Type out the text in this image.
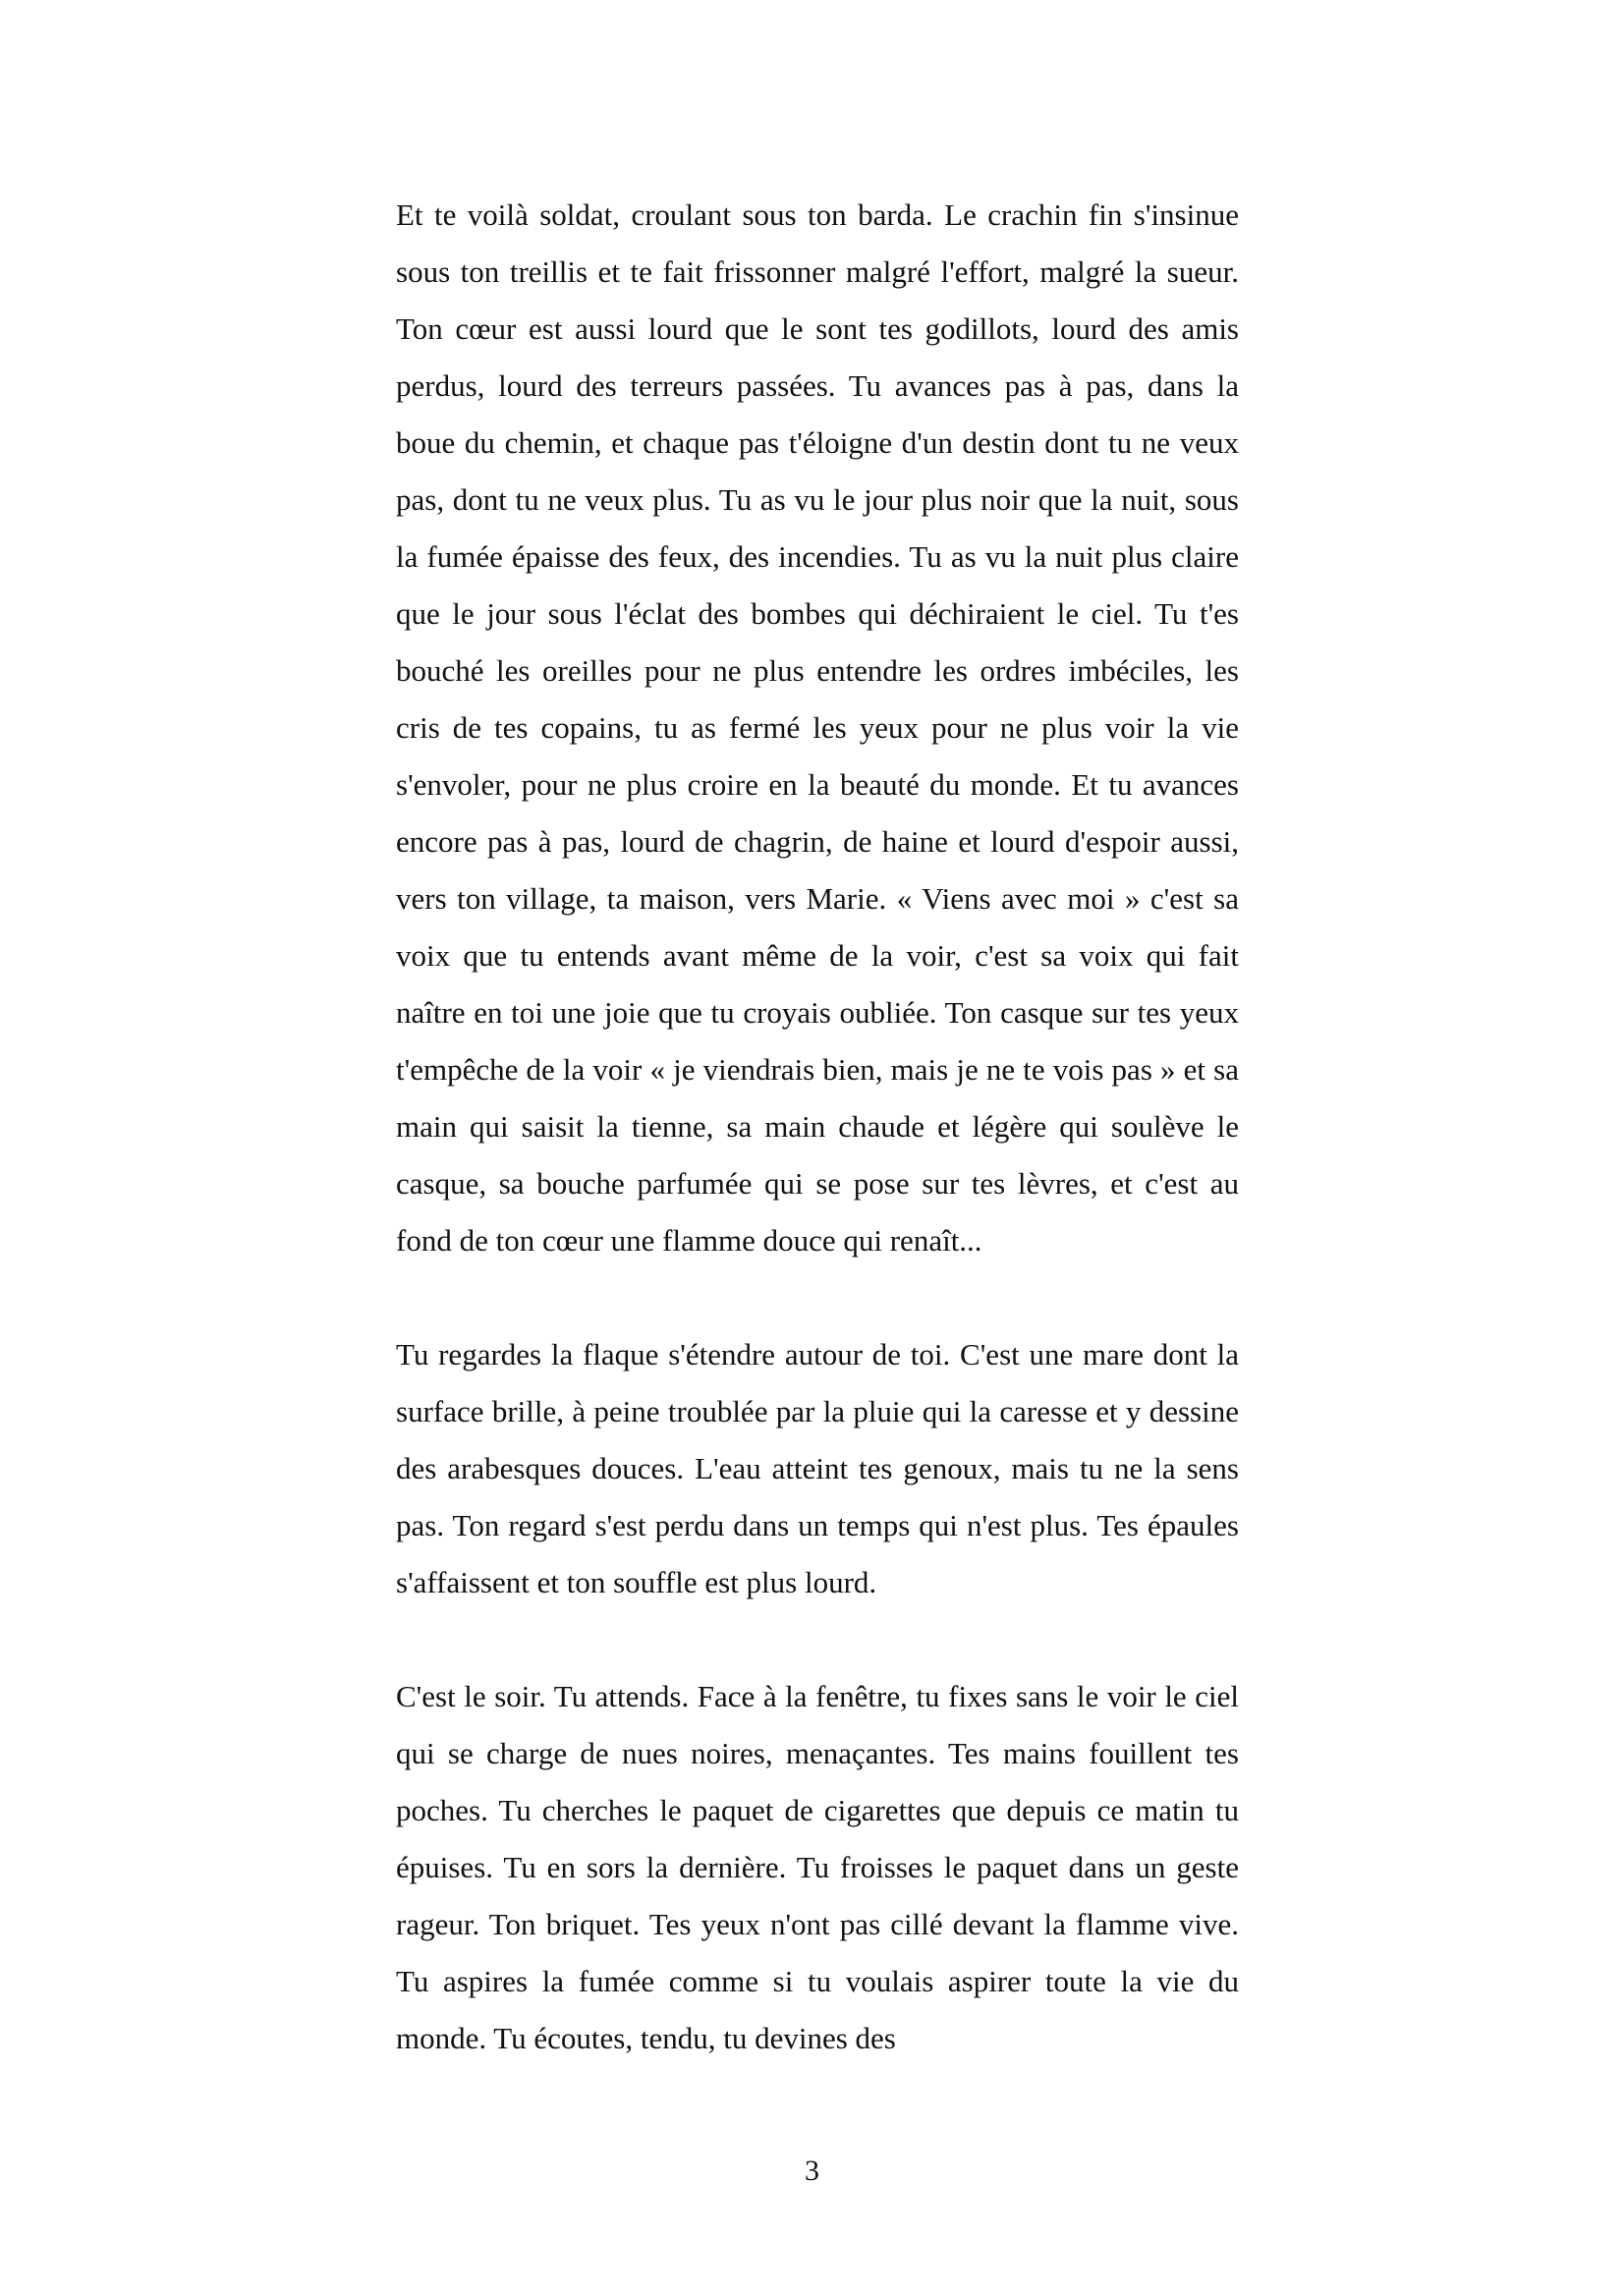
Et te voilà soldat, croulant sous ton barda. Le crachin fin s'insinue sous ton treillis et te fait frissonner malgré l'effort, malgré la sueur. Ton cœur est aussi lourd que le sont tes godillots, lourd des amis perdus, lourd des terreurs passées. Tu avances pas à pas, dans la boue du chemin, et chaque pas t'éloigne d'un destin dont tu ne veux pas, dont tu ne veux plus. Tu as vu le jour plus noir que la nuit, sous la fumée épaisse des feux, des incendies. Tu as vu la nuit plus claire que le jour sous l'éclat des bombes qui déchiraient le ciel. Tu t'es bouché les oreilles pour ne plus entendre les ordres imbéciles, les cris de tes copains, tu as fermé les yeux pour ne plus voir la vie s'envoler, pour ne plus croire en la beauté du monde. Et tu avances encore pas à pas, lourd de chagrin, de haine et lourd d'espoir aussi, vers ton village, ta maison, vers Marie. « Viens avec moi » c'est sa voix que tu entends avant même de la voir, c'est sa voix qui fait naître en toi une joie que tu croyais oubliée. Ton casque sur tes yeux t'empêche de la voir « je viendrais bien, mais je ne te vois pas » et sa main qui saisit la tienne, sa main chaude et légère qui soulève le casque, sa bouche parfumée qui se pose sur tes lèvres, et c'est au fond de ton cœur une flamme douce qui renaît...

Tu regardes la flaque s'étendre autour de toi. C'est une mare dont la surface brille, à peine troublée par la pluie qui la caresse et y dessine des arabesques douces. L'eau atteint tes genoux, mais tu ne la sens pas. Ton regard s'est perdu dans un temps qui n'est plus. Tes épaules s'affaissent et ton souffle est plus lourd.

C'est le soir. Tu attends. Face à la fenêtre, tu fixes sans le voir le ciel qui se charge de nues noires, menaçantes. Tes mains fouillent tes poches. Tu cherches le paquet de cigarettes que depuis ce matin tu épuises. Tu en sors la dernière. Tu froisses le paquet dans un geste rageur. Ton briquet. Tes yeux n'ont pas cillé devant la flamme vive. Tu aspires la fumée comme si tu voulais aspirer toute la vie du monde. Tu écoutes, tendu, tu devines des

3
